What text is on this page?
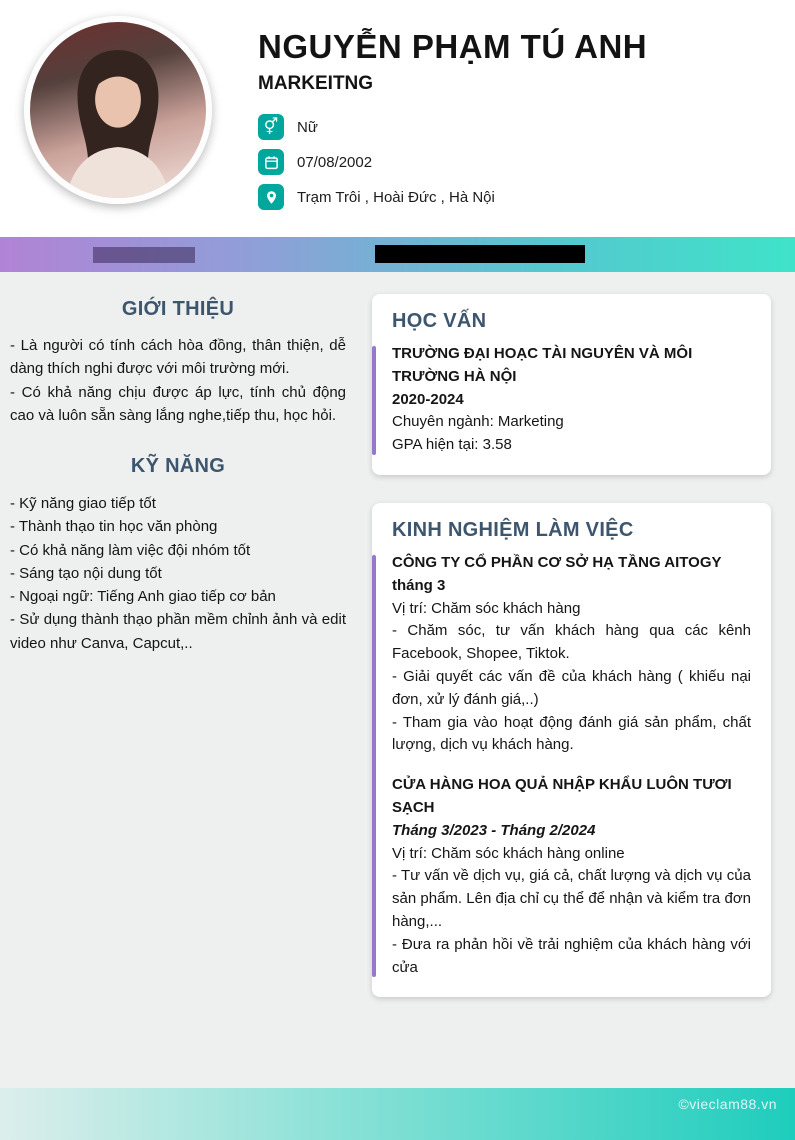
NGUYỄN PHẠM TÚ ANH
MARKEITNG
⚥	Nữ
07/08/2002
Trạm Trôi , Hoài Đức , Hà Nội
GIỚI THIỆU

- Là người có tính cách hòa đồng, thân thiện, dễ dàng thích nghi được với môi trường mới.

- Có khả năng chịu được áp lực, tính chủ động cao và luôn sẵn sàng lắng nghe,tiếp thu, học hỏi.

KỸ NĂNG
- Kỹ năng giao tiếp tốt
- Thành thạo tin học văn phòng
- Có khả năng làm việc đội nhóm tốt
- Sáng tạo nội dung tốt
- Ngoại ngữ: Tiếng Anh giao tiếp cơ bản
- Sử dụng thành thạo phần mềm chỉnh ảnh và edit video như Canva, Capcut,..
HỌC VẤN
TRƯỜNG ĐẠI HOẠC TÀI NGUYÊN VÀ MÔI TRƯỜNG HÀ NỘI
2020-2024
Chuyên ngành: Marketing
GPA hiện tại: 3.58
KINH NGHIỆM LÀM VIỆC
CÔNG TY CỔ PHẦN CƠ SỞ HẠ TẦNG AITOGY
tháng 3
Vị trí: Chăm sóc khách hàng
- Chăm sóc, tư vấn khách hàng qua các kênh Facebook, Shopee, Tiktok.
- Giải quyết các vấn đề của khách hàng ( khiếu nại đơn, xử lý đánh giá,..)
- Tham gia vào hoạt động đánh giá sản phẩm, chất lượng, dịch vụ khách hàng.
CỬA HÀNG HOA QUẢ NHẬP KHẨU LUÔN TƯƠI SẠCH
Tháng 3/2023 - Tháng 2/2024
Vị trí: Chăm sóc khách hàng online
- Tư vấn về dịch vụ, giá cả, chất lượng và dịch vụ của sản phẩm. Lên địa chỉ cụ thể để nhận và kiểm tra đơn hàng,...
- Đưa ra phản hồi về trải nghiệm của khách hàng với cửa
©vieclam88.vn
